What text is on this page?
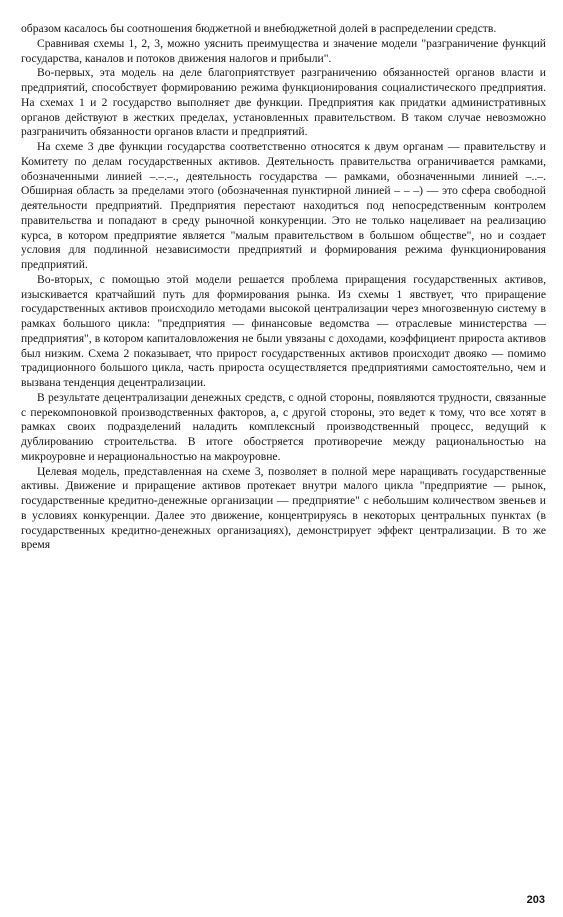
образом касалось бы соотношения бюджетной и внебюджетной долей в распределении средств.

Сравнивая схемы 1, 2, 3, можно уяснить преимущества и значение модели "разграничение функций государства, каналов и потоков движения налогов и прибыли".

Во-первых, эта модель на деле благоприятствует разграничению обязанностей органов власти и предприятий, способствует формированию режима функционирования социалистического предприятия. На схемах 1 и 2 государство выполняет две функции. Предприятия как придатки административных органов действуют в жестких пределах, установленных правительством. В таком случае невозможно разграничить обязанности органов власти и предприятий.

На схеме 3 две функции государства соответственно относятся к двум органам — правительству и Комитету по делам государственных активов. Деятельность правительства ограничивается рамками, обозначенными линией –.–.–., деятельность государства — рамками, обозначенными линией –..–. Обширная область за пределами этого (обозначенная пунктирной линией – – –) — это сфера свободной деятельности предприятий. Предприятия перестают находиться под непосредственным контролем правительства и попадают в среду рыночной конкуренции. Это не только нацеливает на реализацию курса, в котором предприятие является "малым правительством в большом обществе", но и создает условия для подлинной независимости предприятий и формирования режима функционирования предприятий.

Во-вторых, с помощью этой модели решается проблема приращения государственных активов, изыскивается кратчайший путь для формирования рынка. Из схемы 1 явствует, что приращение государственных активов происходило методами высокой централизации через многозвенную систему в рамках большого цикла: "предприятия — финансовые ведомства — отраслевые министерства — предприятия", в котором капиталовложения не были увязаны с доходами, коэффициент прироста активов был низким. Схема 2 показывает, что прирост государственных активов происходит двояко — помимо традиционного большого цикла, часть прироста осуществляется предприятиями самостоятельно, чем и вызвана тенденция децентрализации.

В результате децентрализации денежных средств, с одной стороны, появляются трудности, связанные с перекомпоновкой производственных факторов, а, с другой стороны, это ведет к тому, что все хотят в рамках своих подразделений наладить комплексный производственный процесс, ведущий к дублированию строительства. В итоге обостряется противоречие между рациональностью на микроуровне и нерациональностью на макроуровне.

Целевая модель, представленная на схеме 3, позволяет в полной мере наращивать государственные активы. Движение и приращение активов протекает внутри малого цикла "предприятие — рынок, государственные кредитно-денежные организации — предприятие" с небольшим количеством звеньев и в условиях конкуренции. Далее это движение, концентрируясь в некоторых центральных пунктах (в государственных кредитно-денежных организациях), демонстрирует эффект централизации. В то же время

203
